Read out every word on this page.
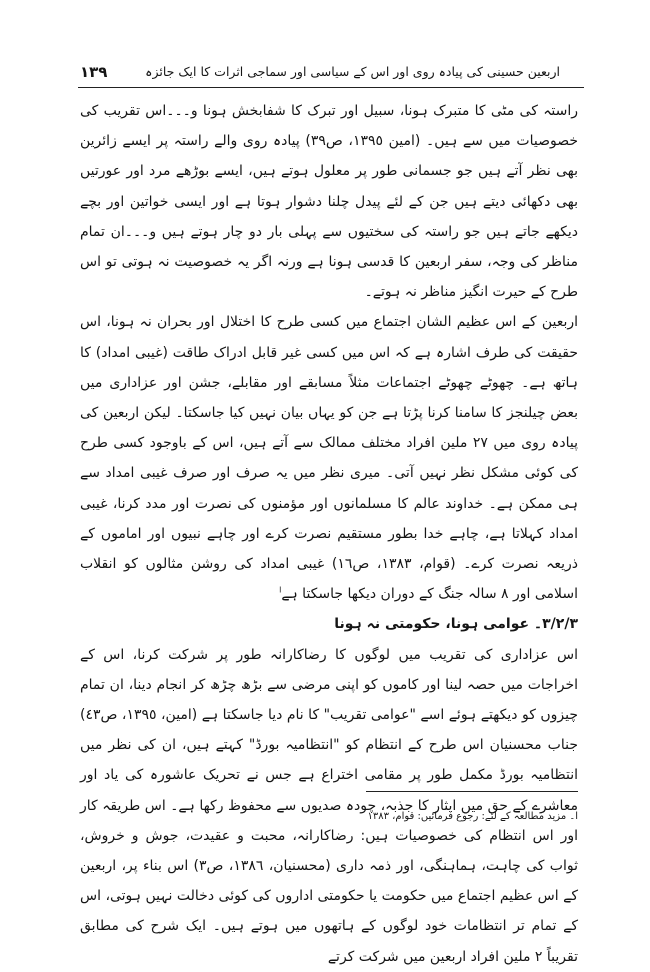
١٣٩	اربعین حسینی کی پیادہ روی اور اس کے سیاسی اور سماجی اثرات کا ایک جائزہ

راستہ کی مٹی کا متبرک ہونا، سبیل اور تبرک کا شفابخش ہونا و۔۔۔اس تقریب کی خصوصیات میں سے ہیں۔ (امین ١٣٩٥، ص٣٩) پیادہ روی والے راستہ پر ایسے زائرین بھی نظر آتے ہیں جو جسمانی طور پر معلول ہوتے ہیں، ایسے بوڑھے مرد اور عورتیں بھی دکھائی دیتے ہیں جن کے لئے پیدل چلنا دشوار ہوتا ہے اور ایسی خواتین اور بچے دیکھے جاتے ہیں جو راستہ کی سختیوں سے پہلی بار دو چار ہوتے ہیں و۔۔۔ان تمام مناظر کی وجہ، سفر اربعین کا قدسی ہونا ہے ورنہ اگر یہ خصوصیت نہ ہوتی تو اس طرح کے حیرت انگیز مناظر نہ ہوتے۔

اربعین کے اس عظیم الشان اجتماع میں کسی طرح کا اختلال اور بحران نہ ہونا، اس حقیقت کی طرف اشارہ ہے کہ اس میں کسی غیر قابل ادراک طاقت (غیبی امداد) کا ہاتھ ہے۔ چھوٹے چھوٹے اجتماعات مثلاً مسابقے اور مقابلے، جشن اور عزاداری میں بعض چیلنجز کا سامنا کرنا پڑتا ہے جن کو یہاں بیان نہیں کیا جاسکتا۔ لیکن اربعین کی پیادہ روی میں ٢٧ ملین افراد مختلف ممالک سے آتے ہیں، اس کے باوجود کسی طرح کی کوئی مشکل نظر نہیں آتی۔ میری نظر میں یہ صرف اور صرف غیبی امداد سے ہی ممکن ہے۔ خداوند عالم کا مسلمانوں اور مؤمنوں کی نصرت اور مدد کرنا، غیبی امداد کہلاتا ہے، چاہے خدا بطور مستقیم نصرت کرے اور چاہے نبیوں اور اماموں کے ذریعہ نصرت کرے۔ (قوام، ١٣٨٣، ص١٦) غیبی امداد کی روشن مثالوں کو انقلاب اسلامی اور ٨ سالہ جنگ کے دوران دیکھا جاسکتا ہے$^ا$

٣/٢/٣۔ عوامی ہونا، حکومتی نہ ہونا

اس عزاداری کی تقریب میں لوگوں کا رضاکارانہ طور پر شرکت کرنا، اس کے اخراجات میں حصہ لینا اور کاموں کو اپنی مرضی سے بڑھ چڑھ کر انجام دینا، ان تمام چیزوں کو دیکھتے ہوئے اسے "عوامی تقریب" کا نام دیا جاسکتا ہے (امین، ١٣٩٥، ص٤٣) جناب محسنیان اس طرح کے انتظام کو "انتظامیہ بورڈ" کہتے ہیں، ان کی نظر میں انتظامیہ بورڈ مکمل طور پر مقامی اختراع ہے جس نے تحریک عاشورہ کی یاد اور معاشرے کے حق میں ایثار کا جذبہ، چودہ صدیوں سے محفوظ رکھا ہے۔ اس طریقہ کار اور اس انتظام کی خصوصیات ہیں: رضاکارانہ، محبت و عقیدت، جوش و خروش، ثواب کی چاہت، ہماہنگی، اور ذمہ داری (محسنیان، ١٣٨٦، ص٣) اس بناء پر، اربعین کے اس عظیم اجتماع میں حکومت یا حکومتی اداروں کی کوئی دخالت نہیں ہوتی، اس کے تمام تر انتظامات خود لوگوں کے ہاتھوں میں ہوتے ہیں۔ ایک شرح کی مطابق تقریباً ٢ ملین افراد اربعین میں شرکت کرتے

ا۔ مزید مطالعہ کے لئے: رجوع فرمائیں: قوام، ١٣٨٣
